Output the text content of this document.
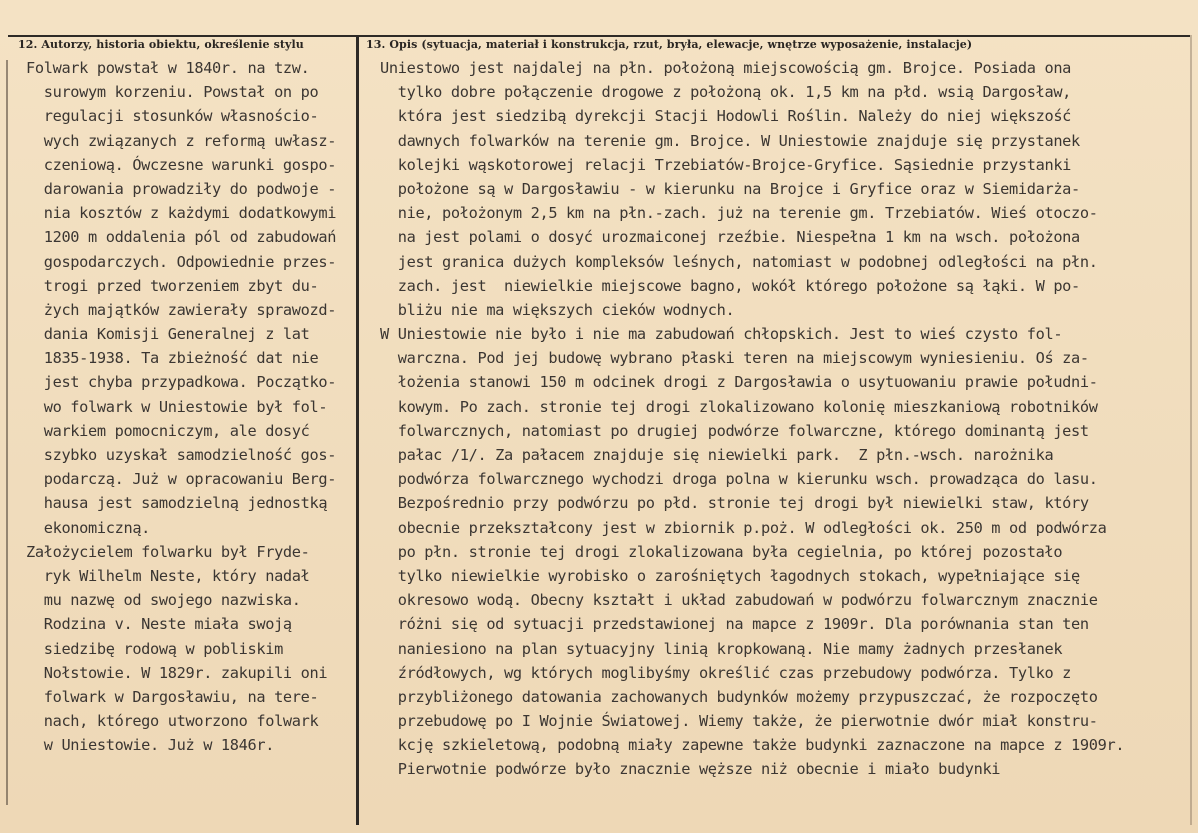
12. Autorzy, historia obiektu, określenie stylu	13. Opis (sytuacja, materiał i konstrukcja, rzut, bryła, elewacje, wnętrze wyposażenie, instalacje)
Folwark powstał w 1840r. na tzw.
surowym korzeniu. Powstał on po
regulacji stosunków własnościo-
wych związanych z reformą uwłasz-
czeniową. Ówczesne warunki gospo-
darowania prowadziły do podwoje -
nia kosztów z każdymi dodatkowymi
1200 m oddalenia pól od zabudowań
gospodarczych. Odpowiednie przes-
trogi przed tworzeniem zbyt du-
żych majątków zawierały sprawozd-
dania Komisji Generalnej z lat
1835-1938. Ta zbieżność dat nie
jest chyba przypadkowa. Początko-
wo folwark w Uniestowie był fol-
warkiem pomocniczym, ale dosyć
szybko uzyskał samodzielność gos-
podarczą. Już w opracowaniu Berg-
hausa jest samodzielną jednostką
ekonomiczną.
Założycielem folwarku był Fryde-
ryk Wilhelm Neste, który nadał
mu nazwę od swojego nazwiska.
Rodzina v. Neste miała swoją
siedzibę rodową w pobliskim
Nołstowie. W 1829r. zakupili oni
folwark w Dargosławiu, na tere-
nach, którego utworzono folwark
w Uniestowie. Już w 1846r.
Uniestowo jest najdalej na płn. położoną miejscowością gm. Brojce. Posiada ona
tylko dobre połączenie drogowe z położoną ok. 1,5 km na płd. wsią Dargosław,
która jest siedzibą dyrekcji Stacji Hodowli Roślin. Należy do niej większość
dawnych folwarków na terenie gm. Brojce. W Uniestowie znajduje się przystanek
kolejki wąskotorowej relacji Trzebiatów-Brojce-Gryfice. Sąsiednie przystanki
położone są w Dargosławiu - w kierunku na Brojce i Gryfice oraz w Siemidarża-
nie, położonym 2,5 km na płn.-zach. już na terenie gm. Trzebiatów. Wieś otoczo-
na jest polami o dosyć urozmaiconej rzeźbie. Niespełna 1 km na wsch. położona
jest granica dużych kompleksów leśnych, natomiast w podobnej odległości na płn.
zach. jest  niewielkie miejscowe bagno, wokół którego położone są łąki. W po-
bliżu nie ma większych cieków wodnych.
W Uniestowie nie było i nie ma zabudowań chłopskich. Jest to wieś czysto fol-
warczna. Pod jej budowę wybrano płaski teren na miejscowym wyniesieniu. Oś za-
łożenia stanowi 150 m odcinek drogi z Dargosławia o usytuowaniu prawie południ-
kowym. Po zach. stronie tej drogi zlokalizowano kolonię mieszkaniową robotników
folwarcznych, natomiast po drugiej podwórze folwarczne, którego dominantą jest
pałac /1/. Za pałacem znajduje się niewielki park.  Z płn.-wsch. narożnika
podwórza folwarcznego wychodzi droga polna w kierunku wsch. prowadząca do lasu.
Bezpośrednio przy podwórzu po płd. stronie tej drogi był niewielki staw, który
obecnie przekształcony jest w zbiornik p.poż. W odległości ok. 250 m od podwórza
po płn. stronie tej drogi zlokalizowana była cegielnia, po której pozostało
tylko niewielkie wyrobisko o zarośniętych łagodnych stokach, wypełniające się
okresowo wodą. Obecny kształt i układ zabudowań w podwórzu folwarcznym znacznie
różni się od sytuacji przedstawionej na mapce z 1909r. Dla porównania stan ten
naniesiono na plan sytuacyjny linią kropkowaną. Nie mamy żadnych przesłanek
źródłowych, wg których moglibyśmy określić czas przebudowy podwórza. Tylko z
przybliżonego datowania zachowanych budynków możemy przypuszczać, że rozpoczęto
przebudowę po I Wojnie Światowej. Wiemy także, że pierwotnie dwór miał konstru-
kcję szkieletową, podobną miały zapewne także budynki zaznaczone na mapce z 1909r.
Pierwotnie podwórze było znacznie węższe niż obecnie i miało budynki
